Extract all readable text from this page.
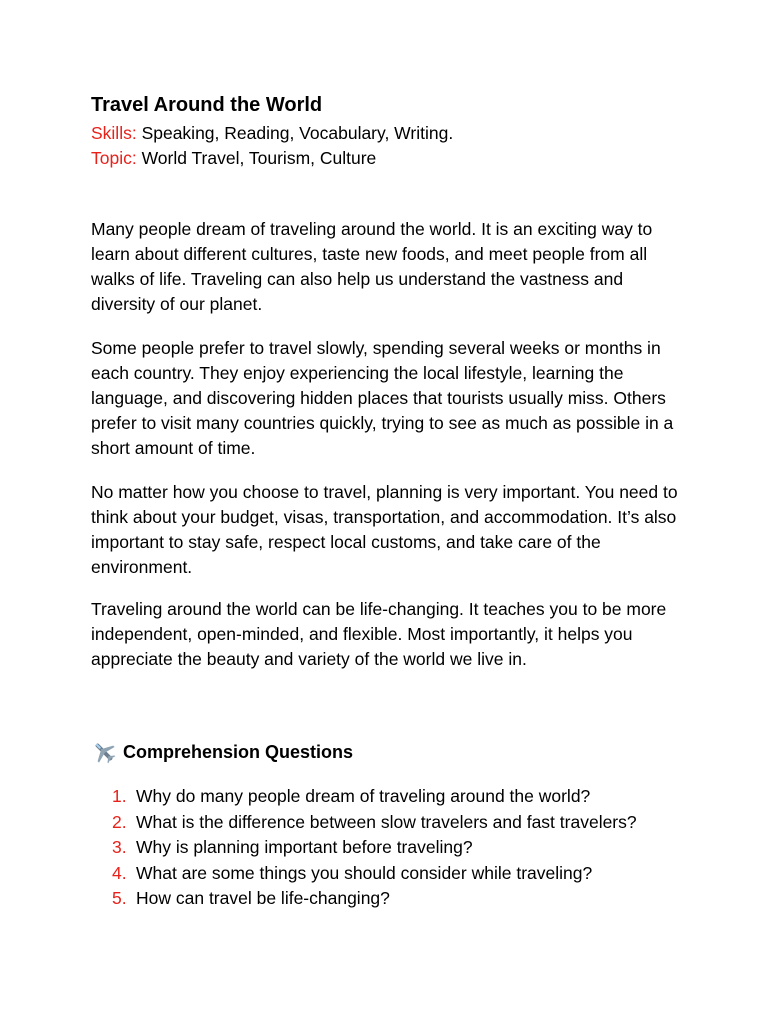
Travel Around the World

Skills: Speaking, Reading, Vocabulary, Writing.

Topic: World Travel, Tourism, Culture

Many people dream of traveling around the world. It is an exciting way to learn about different cultures, taste new foods, and meet people from all walks of life. Traveling can also help us understand the vastness and diversity of our planet.

Some people prefer to travel slowly, spending several weeks or months in each country. They enjoy experiencing the local lifestyle, learning the language, and discovering hidden places that tourists usually miss. Others prefer to visit many countries quickly, trying to see as much as possible in a short amount of time.

No matter how you choose to travel, planning is very important. You need to think about your budget, visas, transportation, and accommodation. It’s also important to stay safe, respect local customs, and take care of the environment.

Traveling around the world can be life-changing. It teaches you to be more independent, open-minded, and flexible. Most importantly, it helps you appreciate the beauty and variety of the world we live in.

Comprehension Questions
1. Why do many people dream of traveling around the world?
2. What is the difference between slow travelers and fast travelers?
3. Why is planning important before traveling?
4. What are some things you should consider while traveling?
5. How can travel be life-changing?
